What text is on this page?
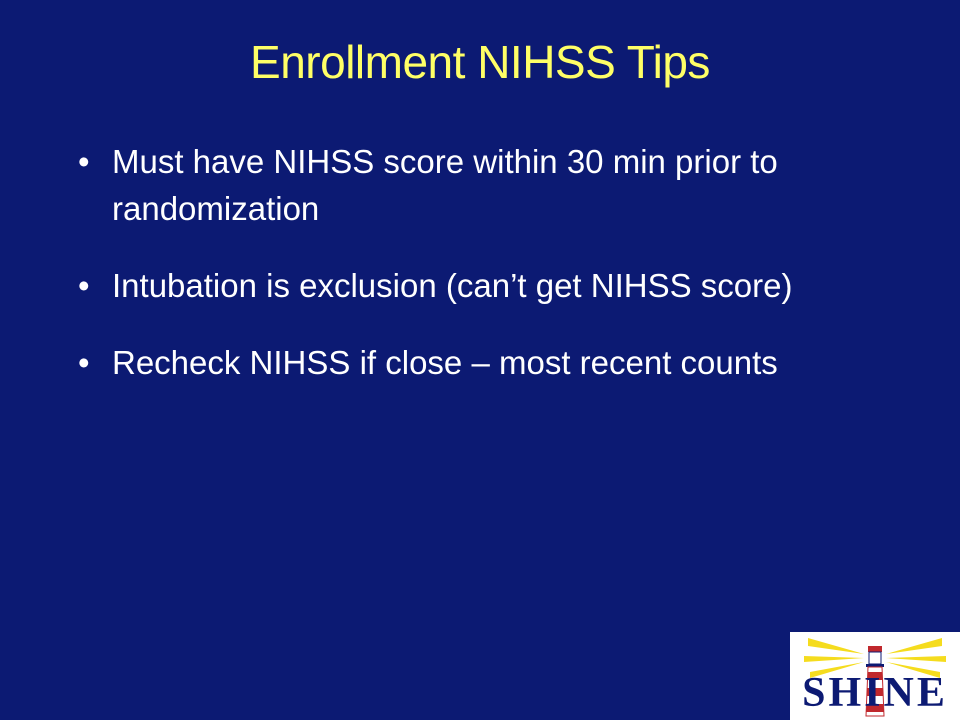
Enrollment NIHSS Tips
• Must have NIHSS score within 30 min prior to randomization
• Intubation is exclusion (can’t get NIHSS score)
• Recheck NIHSS if close – most recent counts
SHINE
